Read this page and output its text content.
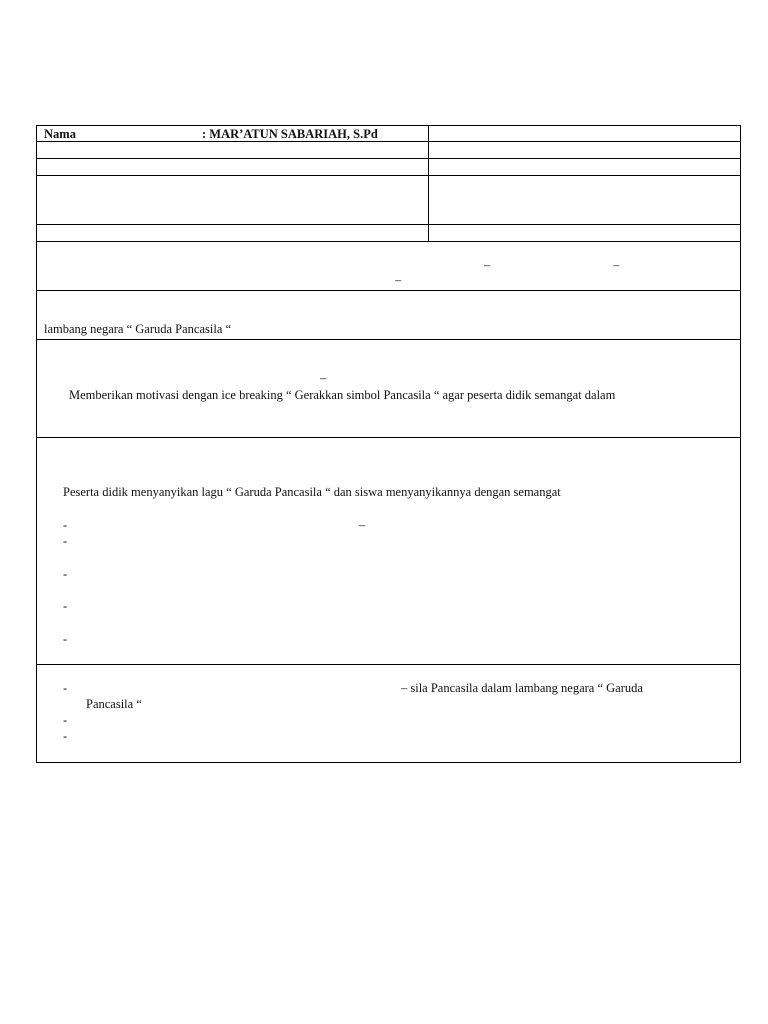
Nama	: MAR’ATUN SABARIAH, S.Pd
–	–
–
lambang negara “ Garuda Pancasila “
–
Memberikan motivasi dengan ice breaking “ Gerakkan simbol Pancasila “ agar peserta didik semangat dalam
Peserta didik menyanyikan lagu “ Garuda Pancasila “ dan siswa menyanyikannya dengan semangat
-	–
-
-
-
-
-	– sila Pancasila dalam lambang negara “ Garuda
Pancasila “
-
-
